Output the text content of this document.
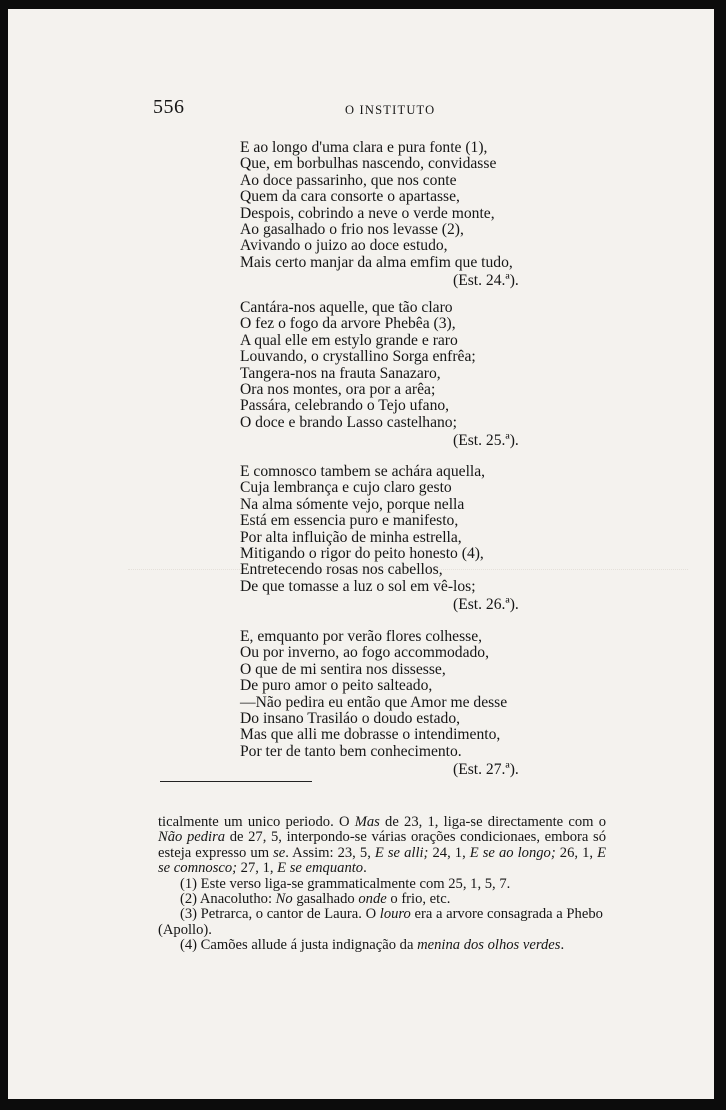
556	O INSTITUTO
E ao longo d'uma clara e pura fonte (1),
Que, em borbulhas nascendo, convidasse
Ao doce passarinho, que nos conte
Quem da cara consorte o apartasse,
Despois, cobrindo a neve o verde monte,
Ao gasalhado o frio nos levasse (2),
Avivando o juizo ao doce estudo,
Mais certo manjar da alma emfim que tudo,
(Est. 24.ª).
Cantára-nos aquelle, que tão claro
O fez o fogo da arvore Phebêa (3),
A qual elle em estylo grande e raro
Louvando, o crystallino Sorga enfrêa;
Tangera-nos na frauta Sanazaro,
Ora nos montes, ora por a arêa;
Passára, celebrando o Tejo ufano,
O doce e brando Lasso castelhano;
(Est. 25.ª).
E comnosco tambem se achára aquella,
Cuja lembrança e cujo claro gesto
Na alma sómente vejo, porque nella
Está em essencia puro e manifesto,
Por alta influição de minha estrella,
Mitigando o rigor do peito honesto (4),
Entretecendo rosas nos cabellos,
De que tomasse a luz o sol em vê-los;
(Est. 26.ª).
E, emquanto por verão flores colhesse,
Ou por inverno, ao fogo accommodado,
O que de mi sentira nos dissesse,
De puro amor o peito salteado,
—Não pedira eu então que Amor me desse
Do insano Trasiláo o doudo estado,
Mas que alli me dobrasse o intendimento,
Por ter de tanto bem conhecimento.
(Est. 27.ª).

ticalmente um unico periodo. O Mas de 23, 1, liga-se directamente com o Não pedira de 27, 5, interpondo-se várias orações condicionaes, embora só esteja expresso um se. Assim: 23, 5, E se alli; 24, 1, E se ao longo; 26, 1, E se comnosco; 27, 1, E se emquanto.

(1) Este verso liga-se grammaticalmente com 25, 1, 5, 7.

(2) Anacolutho: No gasalhado onde o frio, etc.

(3) Petrarca, o cantor de Laura. O louro era a arvore consagrada a Phebo (Apollo).

(4) Camões allude á justa indignação da menina dos olhos verdes.
